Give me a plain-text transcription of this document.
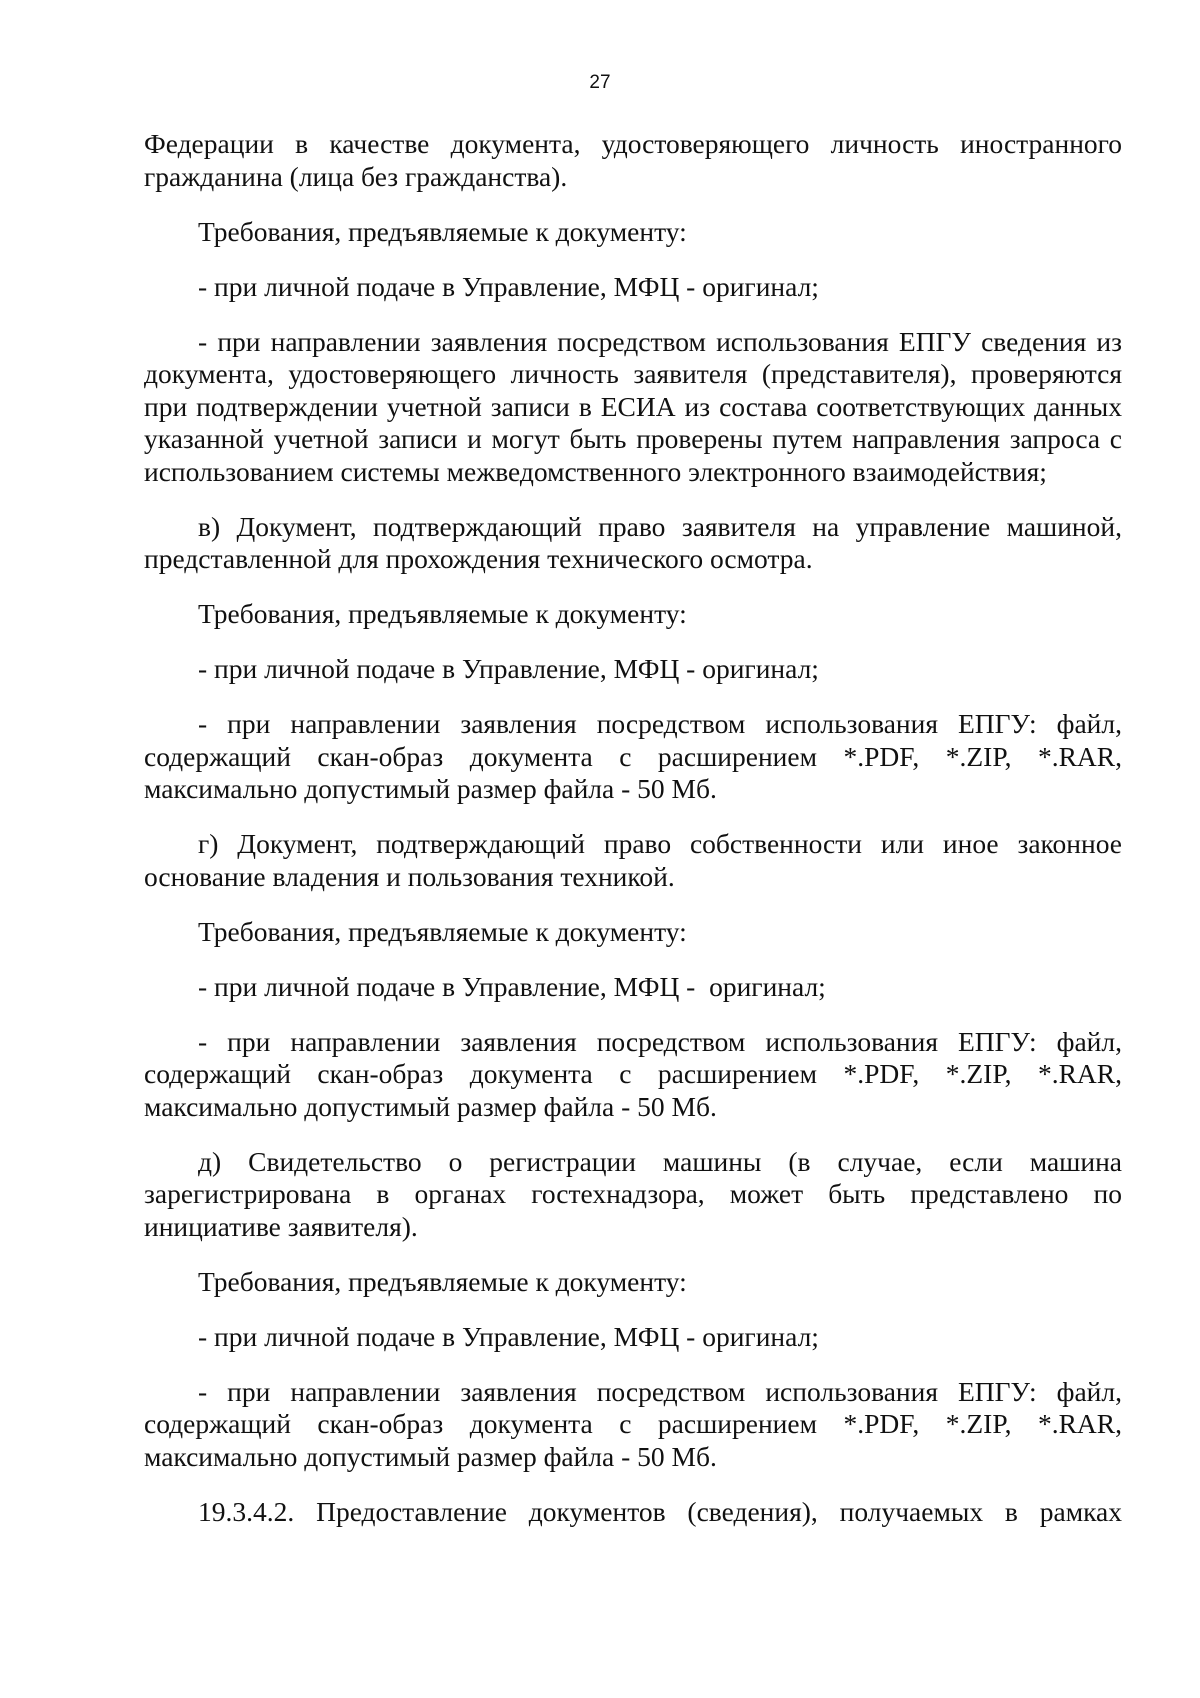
27

Федерации в качестве документа, удостоверяющего личность иностранного гражданина (лица без гражданства).

Требования, предъявляемые к документу:

- при личной подаче в Управление, МФЦ - оригинал;

- при направлении заявления посредством использования ЕПГУ сведения из документа, удостоверяющего личность заявителя (представителя), проверяются при подтверждении учетной записи в ЕСИА из состава соответствующих данных указанной учетной записи и могут быть проверены путем направления запроса с использованием системы межведомственного электронного взаимодействия;

в) Документ, подтверждающий право заявителя на управление машиной, представленной для прохождения технического осмотра.

Требования, предъявляемые к документу:

- при личной подаче в Управление, МФЦ - оригинал;

- при направлении заявления посредством использования ЕПГУ: файл, содержащий скан-образ документа с расширением *.PDF, *.ZIP, *.RAR, максимально допустимый размер файла - 50 Мб.

г) Документ, подтверждающий право собственности или иное законное основание владения и пользования техникой.

Требования, предъявляемые к документу:

- при личной подаче в Управление, МФЦ -  оригинал;

- при направлении заявления посредством использования ЕПГУ: файл, содержащий скан-образ документа с расширением *.PDF, *.ZIP, *.RAR, максимально допустимый размер файла - 50 Мб.

д) Свидетельство о регистрации машины (в случае, если машина зарегистрирована в органах гостехнадзора, может быть представлено по инициативе заявителя).

Требования, предъявляемые к документу:

- при личной подаче в Управление, МФЦ - оригинал;

- при направлении заявления посредством использования ЕПГУ: файл, содержащий скан-образ документа с расширением *.PDF, *.ZIP, *.RAR, максимально допустимый размер файла - 50 Мб.

19.3.4.2. Предоставление документов (сведения), получаемых в рамках
